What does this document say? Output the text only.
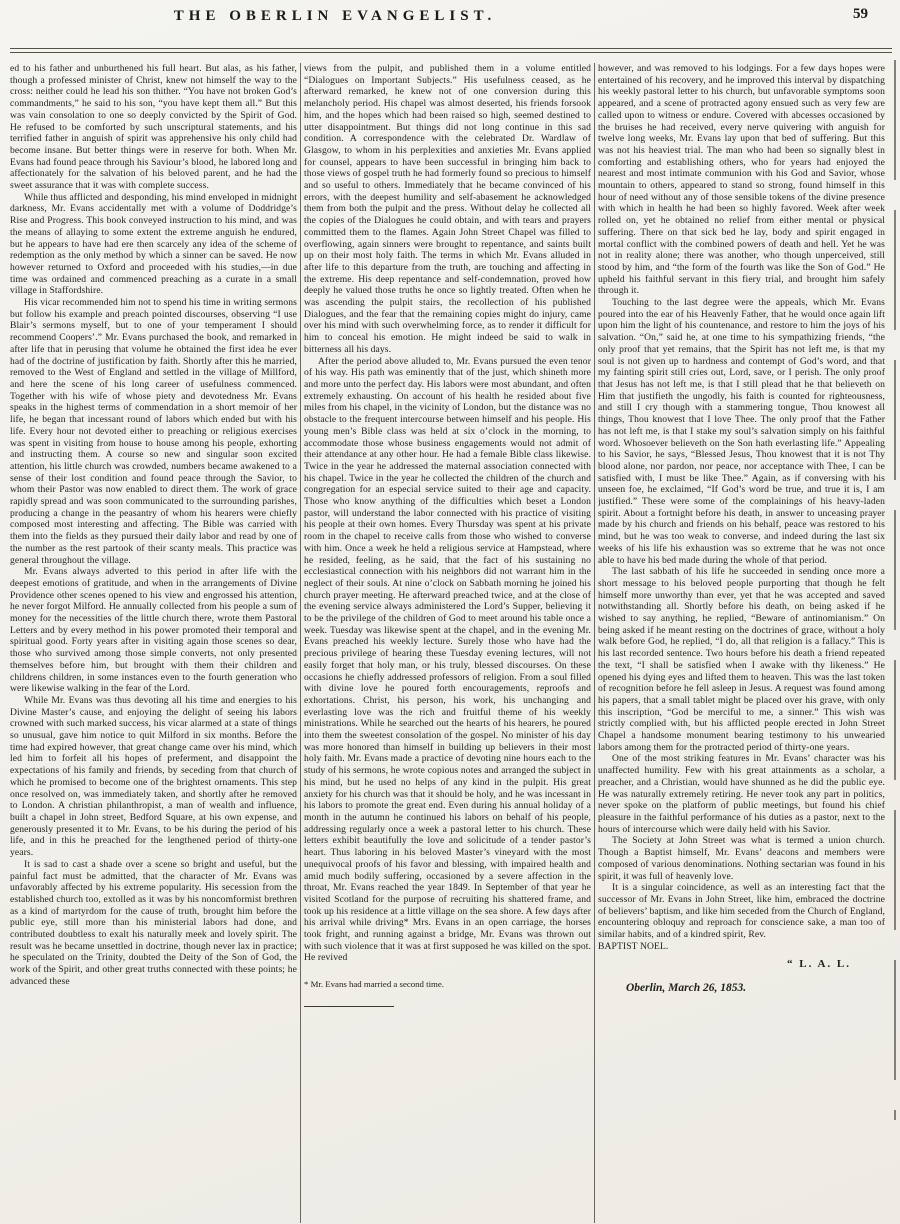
THE OBERLIN EVANGELIST.	59

ed to his father and unburthened his full heart. But alas, as his father, though a professed minister of Christ, knew not himself the way to the cross: neither could he lead his son thither. “You have not broken God’s commandments,” he said to his son, “you have kept them all.” But this was vain consolation to one so deeply convicted by the Spirit of God. He refused to be comforted by such unscriptural statements, and his terrified father in anguish of spirit was apprehensive his only child had become insane. But better things were in reserve for both. When Mr. Evans had found peace through his Saviour’s blood, he labored long and affectionately for the salvation of his beloved parent, and he had the sweet assurance that it was with complete success.

While thus afflicted and desponding, his mind enveloped in midnight darkness, Mr. Evans accidentally met with a volume of Doddridge’s Rise and Progress. This book conveyed instruction to his mind, and was the means of allaying to some extent the extreme anguish he endured, but he appears to have had ere then scarcely any idea of the scheme of redemption as the only method by which a sinner can be saved. He now however returned to Oxford and proceeded with his studies,—in due time was ordained and commenced preaching as a curate in a small village in Staffordshire.

His vicar recommended him not to spend his time in writing sermons but follow his example and preach pointed discourses, observing “I use Blair’s sermons myself, but to one of your temperament I should recommend Coopers’.” Mr. Evans purchased the book, and remarked in after life that in perusing that volume he obtained the first idea he ever had of the doctrine of justification by faith. Shortly after this he married, removed to the West of England and settled in the village of Millford, and here the scene of his long career of usefulness commenced. Together with his wife of whose piety and devotedness Mr. Evans speaks in the highest terms of commendation in a short memoir of her life, he began that incessant round of labors which ended but with his life. Every hour not devoted either to preaching or religious exercises was spent in visiting from house to house among his people, exhorting and instructing them. A course so new and singular soon excited attention, his little church was crowded, numbers became awakened to a sense of their lost condition and found peace through the Savior, to whom their Pastor was now enabled to direct them. The work of grace rapidly spread and was soon communicated to the surrounding parishes, producing a change in the peasantry of whom his hearers were chiefly composed most interesting and affecting. The Bible was carried with them into the fields as they pursued their daily labor and read by one of the number as the rest partook of their scanty meals. This practice was general throughout the village.

Mr. Evans always adverted to this period in after life with the deepest emotions of gratitude, and when in the arrangements of Divine Providence other scenes opened to his view and engrossed his attention, he never forgot Milford. He annually collected from his people a sum of money for the necessities of the little church there, wrote them Pastoral Letters and by every method in his power promoted their temporal and spiritual good. Forty years after in visiting again those scenes so dear, those who survived among those simple converts, not only presented themselves before him, but brought with them their children and childrens children, in some instances even to the fourth generation who were likewise walking in the fear of the Lord.

While Mr. Evans was thus devoting all his time and energies to his Divine Master’s cause, and enjoying the delight of seeing his labors crowned with such marked success, his vicar alarmed at a state of things so unusual, gave him notice to quit Milford in six months. Before the time had expired however, that great change came over his mind, which led him to forfeit all his hopes of preferment, and disappoint the expectations of his family and friends, by seceding from that church of which he promised to become one of the brightest ornaments. This step once resolved on, was immediately taken, and shortly after he removed to London. A christian philanthropist, a man of wealth and influence, built a chapel in John street, Bedford Square, at his own expense, and generously presented it to Mr. Evans, to be his during the period of his life, and in this he preached for the lengthened period of thirty-one years.

It is sad to cast a shade over a scene so bright and useful, but the painful fact must be admitted, that the character of Mr. Evans was unfavorably affected by his extreme popularity. His secession from the established church too, extolled as it was by his noncomformist brethren as a kind of martyrdom for the cause of truth, brought him before the public eye, still more than his ministerial labors had done, and contributed doubtless to exalt his naturally meek and lovely spirit. The result was he became unsettled in doctrine, though never lax in practice; he speculated on the Trinity, doubted the Deity of the Son of God, the work of the Spirit, and other great truths connected with these points; he advanced these

views from the pulpit, and published them in a volume entitled “Dialogues on Important Subjects.” His usefulness ceased, as he afterward remarked, he knew not of one conversion during this melancholy period. His chapel was almost deserted, his friends forsook him, and the hopes which had been raised so high, seemed destined to utter disappointment. But things did not long continue in this sad condition. A correspondence with the celebrated Dr. Wardlaw of Glasgow, to whom in his perplexities and anxieties Mr. Evans applied for counsel, appears to have been successful in bringing him back to those views of gospel truth he had formerly found so precious to himself and so useful to others. Immediately that he became convinced of his errors, with the deepest humility and self-abasement he acknowledged them from both the pulpit and the press. Without delay he collected all the copies of the Dialogues he could obtain, and with tears and prayers committed them to the flames. Again John Street Chapel was filled to overflowing, again sinners were brought to repentance, and saints built up on their most holy faith. The terms in which Mr. Evans alluded in after life to this departure from the truth, are touching and affecting in the extreme. His deep repentance and self-condemnation, proved how deeply he valued those truths he once so lightly treated. Often when he was ascending the pulpit stairs, the recollection of his published Dialogues, and the fear that the remaining copies might do injury, came over his mind with such overwhelming force, as to render it difficult for him to conceal his emotion. He might indeed be said to walk in bitterness all his days.

After the period above alluded to, Mr. Evans pursued the even tenor of his way. His path was eminently that of the just, which shineth more and more unto the perfect day. His labors were most abundant, and often extremely exhausting. On account of his health he resided about five miles from his chapel, in the vicinity of London, but the distance was no obstacle to the frequent intercourse between himself and his people. His young men’s Bible class was held at six o’clock in the morning, to accommodate those whose business engagements would not admit of their attendance at any other hour. He had a female Bible class likewise. Twice in the year he addressed the maternal association connected with his chapel. Twice in the year he collected the children of the church and congregation for an especial service suited to their age and capacity. Those who know anything of the difficulties which beset a London pastor, will understand the labor connected with his practice of visiting his people at their own homes. Every Thursday was spent at his private room in the chapel to receive calls from those who wished to converse with him. Once a week he held a religious service at Hampstead, where he resided, feeling, as he said, that the fact of his sustaining no ecclesiastical connection with his neighbors did not warrant him in the neglect of their souls. At nine o’clock on Sabbath morning he joined his church prayer meeting. He afterward preached twice, and at the close of the evening service always administered the Lord’s Supper, believing it to be the privilege of the children of God to meet around his table once a week. Tuesday was likewise spent at the chapel, and in the evening Mr. Evans preached his weekly lecture. Surely those who have had the precious privilege of hearing these Tuesday evening lectures, will not easily forget that holy man, or his truly, blessed discourses. On these occasions he chiefly addressed professors of religion. From a soul filled with divine love he poured forth encouragements, reproofs and exhortations. Christ, his person, his work, his unchanging and everlasting love was the rich and fruitful theme of his weekly ministrations. While he searched out the hearts of his hearers, he poured into them the sweetest consolation of the gospel. No minister of his day was more honored than himself in building up believers in their most holy faith. Mr. Evans made a practice of devoting nine hours each to the study of his sermons, he wrote copious notes and arranged the subject in his mind, but he used no helps of any kind in the pulpit. His great anxiety for his church was that it should be holy, and he was incessant in his labors to promote the great end. Even during his annual holiday of a month in the autumn he continued his labors on behalf of his people, addressing regularly once a week a pastoral letter to his church. These letters exhibit beautifully the love and solicitude of a tender pastor’s heart. Thus laboring in his beloved Master’s vineyard with the most unequivocal proofs of his favor and blessing, with impaired health and amid much bodily suffering, occasioned by a severe affection in the throat, Mr. Evans reached the year 1849. In September of that year he visited Scotland for the purpose of recruiting his shattered frame, and took up his residence at a little village on the sea shore. A few days after his arrival while driving* Mrs. Evans in an open carriage, the horses took fright, and running against a bridge, Mr. Evans was thrown out with such violence that it was at first supposed he was killed on the spot. He revived

* Mr. Evans had married a second time.

however, and was removed to his lodgings. For a few days hopes were entertained of his recovery, and he improved this interval by dispatching his weekly pastoral letter to his church, but unfavorable symptoms soon appeared, and a scene of protracted agony ensued such as very few are called upon to witness or endure. Covered with abcesses occasioned by the bruises he had received, every nerve quivering with anguish for twelve long weeks, Mr. Evans lay upon that bed of suffering. But this was not his heaviest trial. The man who had been so signally blest in comforting and establishing others, who for years had enjoyed the nearest and most intimate communion with his God and Savior, whose mountain to others, appeared to stand so strong, found himself in this hour of need without any of those sensible tokens of the divine presence with which in health he had been so highly favored. Week after week rolled on, yet he obtained no relief from either mental or physical suffering. There on that sick bed he lay, body and spirit engaged in mortal conflict with the combined powers of death and hell. Yet he was not in reality alone; there was another, who though unperceived, still stood by him, and “the form of the fourth was like the Son of God.” He upheld his faithful servant in this fiery trial, and brought him safely through it.

Touching to the last degree were the appeals, which Mr. Evans poured into the ear of his Heavenly Father, that he would once again lift upon him the light of his countenance, and restore to him the joys of his salvation. “On,” said he, at one time to his sympathizing friends, “the only proof that yet remains, that the Spirit has not left me, is that my soul is not given up to hardness and contempt of God’s word, and that my fainting spirit still cries out, Lord, save, or I perish. The only proof that Jesus has not left me, is that I still plead that he that believeth on Him that justifieth the ungodly, his faith is counted for righteousness, and still I cry though with a stammering tongue, Thou knowest all things, Thou knowest that I love Thee. The only proof that the Father has not left me, is that I stake my soul’s salvation simply on his faithful word. Whosoever believeth on the Son hath everlasting life.” Appealing to his Savior, he says, “Blessed Jesus, Thou knowest that it is not Thy blood alone, nor pardon, nor peace, nor acceptance with Thee, I can be satisfied with, I must be like Thee.” Again, as if conversing with his unseen foe, he exclaimed, “If God’s word be true, and true it is, I am justified.” These were some of the complainings of his heavy-laden spirit. About a fortnight before his death, in answer to unceasing prayer made by his church and friends on his behalf, peace was restored to his mind, but he was too weak to converse, and indeed during the last six weeks of his life his exhaustion was so extreme that he was not once able to have his bed made during the whole of that period.

The last sabbath of his life he succeeded in sending once more a short message to his beloved people purporting that though he felt himself more unworthy than ever, yet that he was accepted and saved notwithstanding all. Shortly before his death, on being asked if he wished to say anything, he replied, “Beware of antinomianism.” On being asked if he meant resting on the doctrines of grace, without a holy walk before God, he replied, “I do, all that religion is a fallacy.” This is his last recorded sentence. Two hours before his death a friend repeated the text, “I shall be satisfied when I awake with thy likeness.” He opened his dying eyes and lifted them to heaven. This was the last token of recognition before he fell asleep in Jesus. A request was found among his papers, that a small tablet might be placed over his grave, with only this inscription, “God be merciful to me, a sinner.” This wish was strictly complied with, but his afflicted people erected in John Street Chapel a handsome monument bearing testimony to his unwearied labors among them for the protracted period of thirty-one years.

One of the most striking features in Mr. Evans’ character was his unaffected humility. Few with his great attainments as a scholar, a preacher, and a Christian, would have shunned as he did the public eye. He was naturally extremely retiring. He never took any part in politics, never spoke on the platform of public meetings, but found his chief pleasure in the faithful performance of his duties as a pastor, next to the hours of intercourse which were daily held with his Savior.

The Society at John Street was what is termed a union church. Though a Baptist himself, Mr. Evans’ deacons and members were composed of various denominations. Nothing sectarian was found in his spirit, it was full of heavenly love.

It is a singular coincidence, as well as an interesting fact that the successor of Mr. Evans in John Street, like him, embraced the doctrine of believers’ baptism, and like him seceded from the Church of England, encountering obloquy and reproach for conscience sake, a man too of similar habits, and of a kindred spirit, Rev.

BAPTIST NOEL.

“ L. A. L.
Oberlin, March 26, 1853.
